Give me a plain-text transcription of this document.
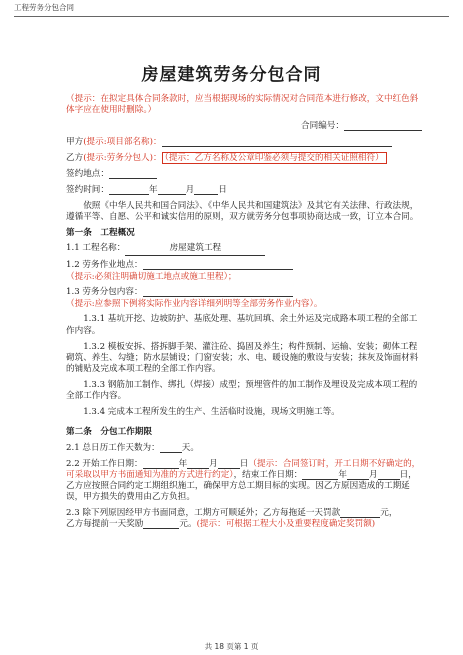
工程劳务分包合同
房屋建筑劳务分包合同

（提示：在拟定具体合同条款时，应当根据现场的实际情况对合同范本进行修改，文中红色斜体字应在使用时删除。）

合同编号：

甲方(提示:项目部名称)：

乙方(提示:劳务分包人)： （提示：乙方名称及公章印鉴必须与提交的相关证照相符）

签约地点：

签约时间：	年	月	日

依照《中华人民共和国合同法》、《中华人民共和国建筑法》及其它有关法律、行政法规，遵循平等、自愿、公平和诚实信用的原则，双方就劳务分包事项协商达成一致，订立本合同。

第一条　工程概况

1.1 工程名称：	房屋建筑工程

1.2 劳务作业地点：
（提示:必须注明确切施工地点或施工里程）；

1.3 劳务分包内容：
（提示:应参照下例将实际作业内容详细列明等全部劳务作业内容）。

1.3.1 基坑开挖、边坡防护、基底处理、基坑回填、余土外运及完成路本项工程的全部工作内容。

1.3.2 模板安拆、搭拆脚手架、灌注砼、捣固及养生；构件预制、运输、安装；砌体工程砌筑、养生、勾缝；防水层铺设；门窗安装；水、电、暖设施的敷设与安装；抹灰及饰面材料的铺贴及完成本项工程的全部工作内容。

1.3.3 钢筋加工制作、绑扎（焊接）成型；预埋管件的加工制作及埋设及完成本项工程的全部工作内容。

1.3.4 完成本工程所发生的生产、生活临时设施，现场文明施工等。

第二条　分包工作期限

2.1 总日历工作天数为：	天。

2.2 开始工作日期：	年	月	日（提示：合同签订时，开工日期不好确定的，可采取以甲方书面通知为准的方式进行约定），结束工作日期：	年	月	日，乙方应按照合同约定工期组织施工，确保甲方总工期目标的实现。因乙方原因造成的工期延误，甲方损失的费用由乙方负担。

2.3 除下列原因经甲方书面同意，工期方可顺延外；乙方每拖延一天罚款	元，
乙方每提前一天奖励	元。(提示：可根据工程大小及重要程度确定奖罚额)

共 18 页第 1 页
